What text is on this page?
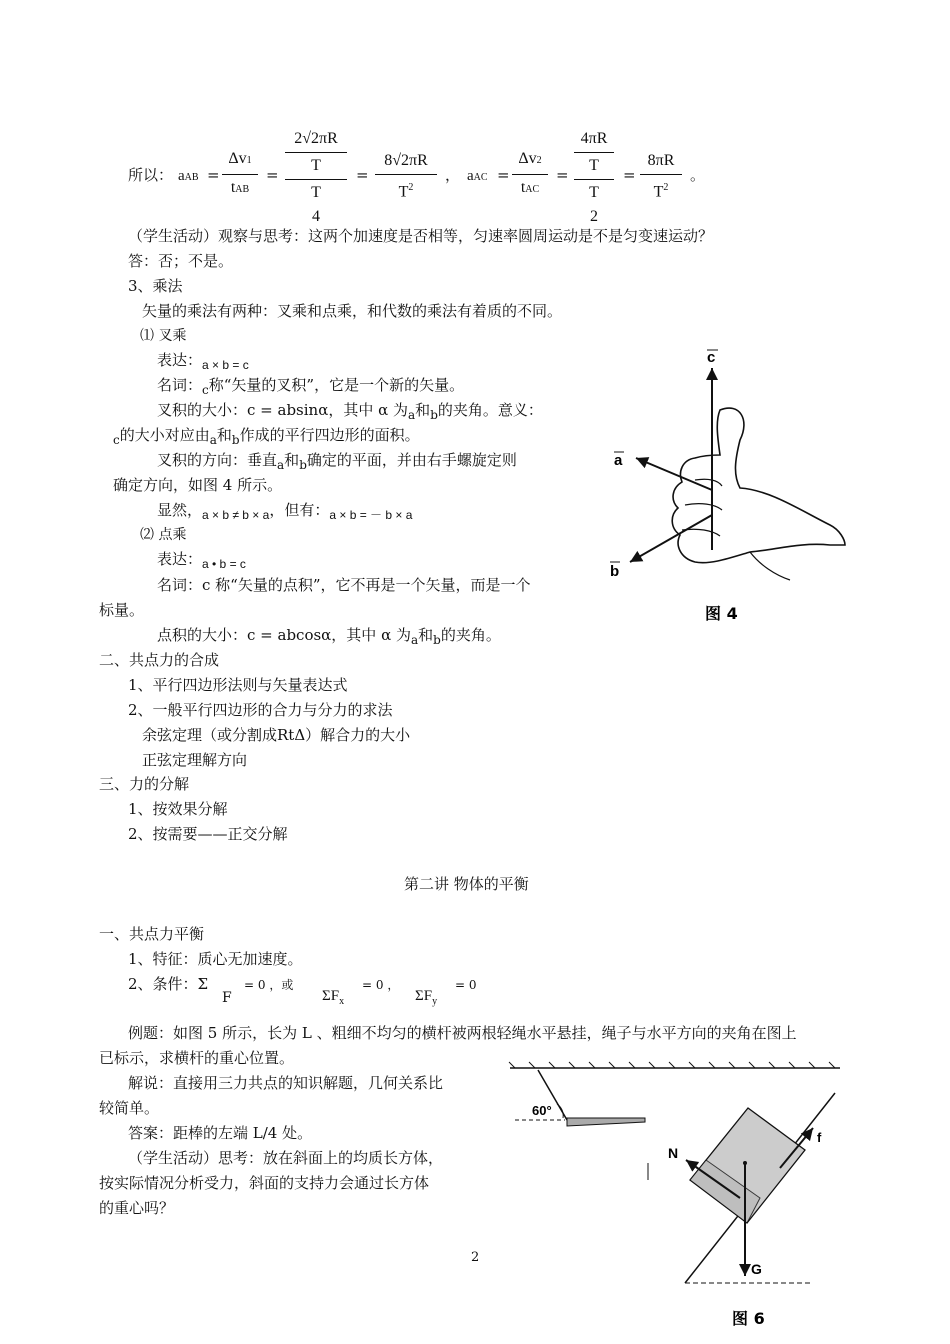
所以： aAB =
Δv1
tAB
=
2√2πR
T
T
4
=
8√2πR
$T^2$
， aAC =
Δv2
tAC
=
4πR
T
T
2
=
8πR
$T^2$
。
（学生活动）观察与思考：这两个加速度是否相等，匀速率圆周运动是不是匀变速运动？
答：否；不是。
3、乘法
矢量的乘法有两种：叉乘和点乘，和代数的乘法有着质的不同。
⑴ 叉乘
表达：$_{a \times b = c}$
名词：$_c$称“矢量的叉积”，它是一个新的矢量。
叉积的大小：c = absinα，其中 α 为$_a$和$_b$的夹角。意义：
$_c$的大小对应由$_a$和$_b$作成的平行四边形的面积。
叉积的方向：垂直$_a$和$_b$确定的平面，并由右手螺旋定则
确定方向，如图 4 所示。
显然，$_{a \times b \ne b \times a}$，但有：$_{a \times b = - b \times a}$
⑵ 点乘
表达：$_{a • b = c}$
名词：c 称“矢量的点积”，它不再是一个矢量，而是一个
标量。
点积的大小：c = abcosα，其中 α 为$_a$和$_b$的夹角。
二、共点力的合成
1、平行四边形法则与矢量表达式
2、一般平行四边形的合力与分力的求法
余弦定理（或分割成RtΔ）解合力的大小
正弦定理解方向
三、力的分解
1、按效果分解
2、按需要——正交分解
第二讲 物体的平衡
一、共点力平衡
1、特征：质心无加速度。
2、条件：Σ
F
= 0 ，或
$\Sigma F_x$
= 0 ，
$\Sigma F_y$
= 0
例题：如图 5 所示，长为 L 、粗细不均匀的横杆被两根轻绳水平悬挂，绳子与水平方向的夹角在图上
已标示，求横杆的重心位置。
解说：直接用三力共点的知识解题，几何关系比
较简单。
答案：距棒的左端 L/4 处。
（学生活动）思考：放在斜面上的均质长方体，
按实际情况分析受力，斜面的支持力会通过长方体
的重心吗？
2
c
a
b
图 4
60°
N
f
G
图 6
